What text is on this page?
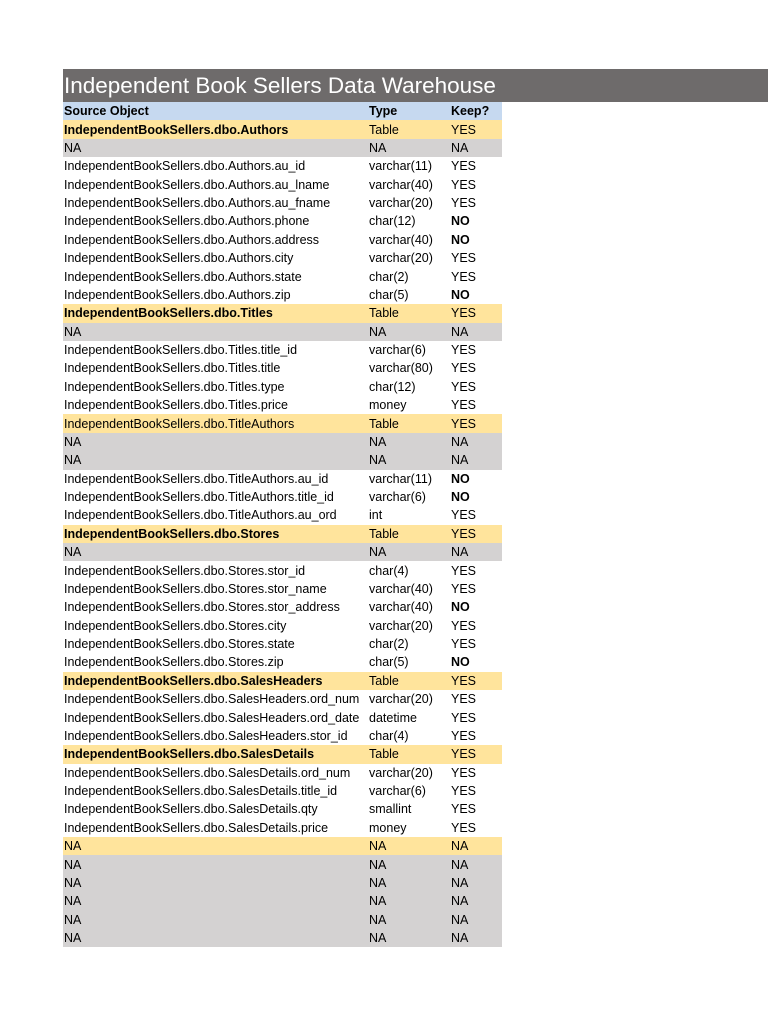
Independent Book Sellers Data Warehouse
Source Object	Type	Keep?
IndependentBookSellers.dbo.Authors	Table	YES
NA	NA	NA
IndependentBookSellers.dbo.Authors.au_id	varchar(11)	YES
IndependentBookSellers.dbo.Authors.au_lname	varchar(40)	YES
IndependentBookSellers.dbo.Authors.au_fname	varchar(20)	YES
IndependentBookSellers.dbo.Authors.phone	char(12)	NO
IndependentBookSellers.dbo.Authors.address	varchar(40)	NO
IndependentBookSellers.dbo.Authors.city	varchar(20)	YES
IndependentBookSellers.dbo.Authors.state	char(2)	YES
IndependentBookSellers.dbo.Authors.zip	char(5)	NO
IndependentBookSellers.dbo.Titles	Table	YES
NA	NA	NA
IndependentBookSellers.dbo.Titles.title_id	varchar(6)	YES
IndependentBookSellers.dbo.Titles.title	varchar(80)	YES
IndependentBookSellers.dbo.Titles.type	char(12)	YES
IndependentBookSellers.dbo.Titles.price	money	YES
IndependentBookSellers.dbo.TitleAuthors	Table	YES
NA	NA	NA
NA	NA	NA
IndependentBookSellers.dbo.TitleAuthors.au_id	varchar(11)	NO
IndependentBookSellers.dbo.TitleAuthors.title_id	varchar(6)	NO
IndependentBookSellers.dbo.TitleAuthors.au_ord	int	YES
IndependentBookSellers.dbo.Stores	Table	YES
NA	NA	NA
IndependentBookSellers.dbo.Stores.stor_id	char(4)	YES
IndependentBookSellers.dbo.Stores.stor_name	varchar(40)	YES
IndependentBookSellers.dbo.Stores.stor_address	varchar(40)	NO
IndependentBookSellers.dbo.Stores.city	varchar(20)	YES
IndependentBookSellers.dbo.Stores.state	char(2)	YES
IndependentBookSellers.dbo.Stores.zip	char(5)	NO
IndependentBookSellers.dbo.SalesHeaders	Table	YES
IndependentBookSellers.dbo.SalesHeaders.ord_num	varchar(20)	YES
IndependentBookSellers.dbo.SalesHeaders.ord_date	datetime	YES
IndependentBookSellers.dbo.SalesHeaders.stor_id	char(4)	YES
IndependentBookSellers.dbo.SalesDetails	Table	YES
IndependentBookSellers.dbo.SalesDetails.ord_num	varchar(20)	YES
IndependentBookSellers.dbo.SalesDetails.title_id	varchar(6)	YES
IndependentBookSellers.dbo.SalesDetails.qty	smallint	YES
IndependentBookSellers.dbo.SalesDetails.price	money	YES
NA	NA	NA
NA	NA	NA
NA	NA	NA
NA	NA	NA
NA	NA	NA
NA	NA	NA
